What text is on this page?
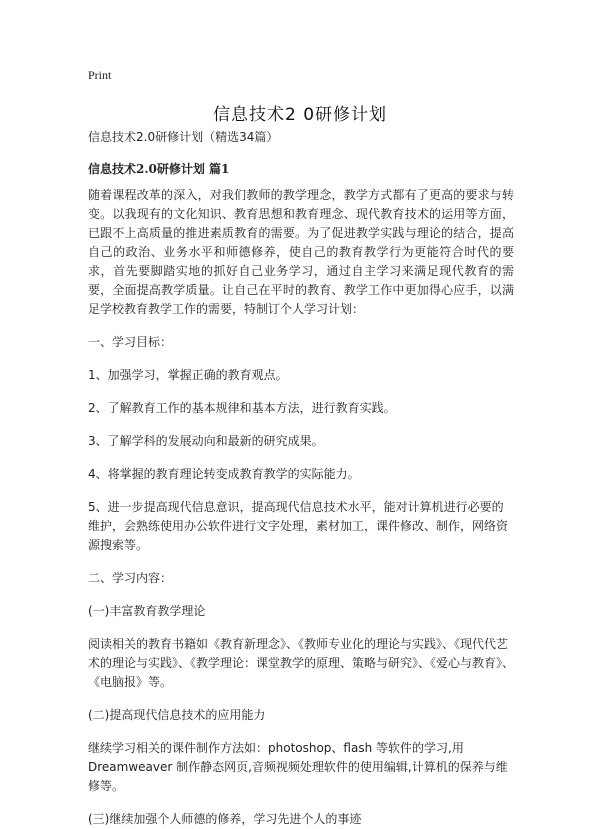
Print
信息技术2 0研修计划

信息技术2.0研修计划（精选34篇）

信息技术2.0研修计划 篇1

随着课程改革的深入，对我们教师的教学理念，教学方式都有了更高的要求与转变。以我现有的文化知识、教育思想和教育理念、现代教育技术的运用等方面，已跟不上高质量的推进素质教育的需要。为了促进教学实践与理论的结合，提高自己的政治、业务水平和师德修养，使自己的教育教学行为更能符合时代的要求，首先要脚踏实地的抓好自己业务学习，通过自主学习来满足现代教育的需要，全面提高教学质量。让自己在平时的教育、教学工作中更加得心应手，以满足学校教育教学工作的需要，特制订个人学习计划：

一、学习目标：

1、加强学习，掌握正确的教育观点。

2、了解教育工作的基本规律和基本方法，进行教育实践。

3、了解学科的发展动向和最新的研究成果。

4、将掌握的教育理论转变成教育教学的实际能力。

5、进一步提高现代信息意识，提高现代信息技术水平，能对计算机进行必要的维护，会熟练使用办公软件进行文字处理，素材加工，课件修改、制作，网络资源搜索等。

二、学习内容：

(一)丰富教育教学理论

阅读相关的教育书籍如《教育新理念》、《教师专业化的理论与实践》、《现代代艺术的理论与实践》、《教学理论：课堂教学的原理、策略与研究》、《爱心与教育》、《电脑报》等。

(二)提高现代信息技术的应用能力

继续学习相关的课件制作方法如：photoshop、flash 等软件的学习,用Dreamweaver 制作静态网页,音频视频处理软件的使用编辑,计算机的保养与维修等。

(三)继续加强个人师德的修养，学习先进个人的事迹
